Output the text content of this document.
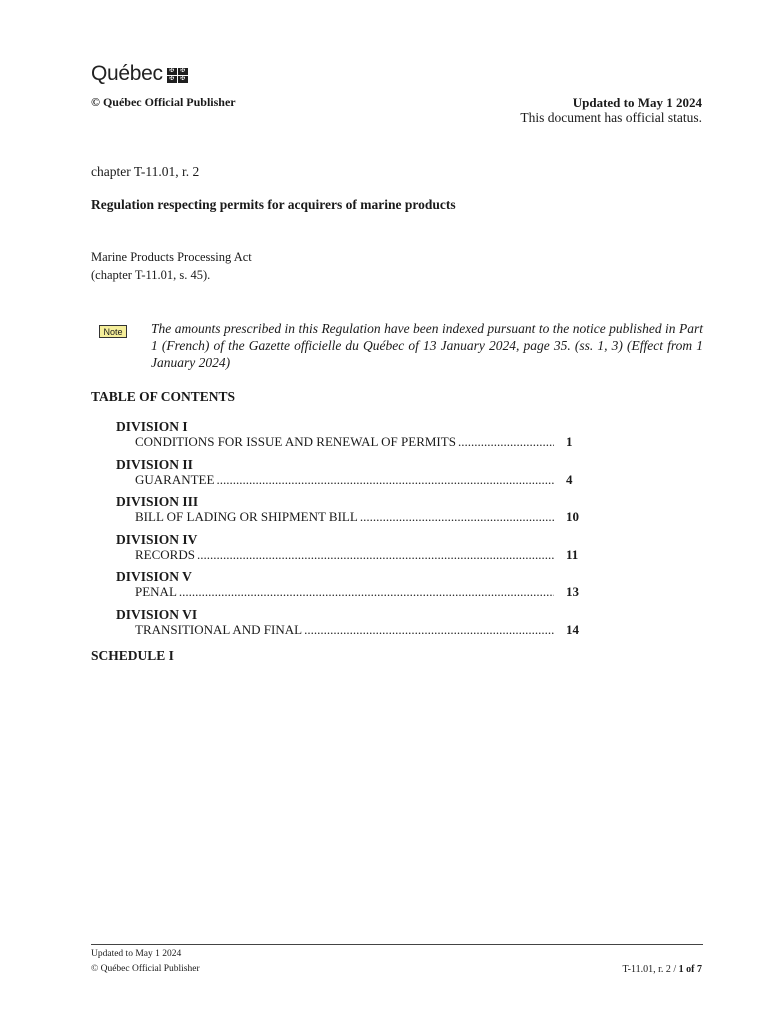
Québec	✠ ✠
✠ ✠
© Québec Official Publisher	Updated to May 1 2024
This document has official status.
chapter T-11.01, r. 2
Regulation respecting permits for acquirers of marine products
Marine Products Processing Act
(chapter T-11.01, s. 45).
Note	The amounts prescribed in this Regulation have been indexed pursuant to the notice published in Part 1 (French) of the Gazette officielle du Québec of 13 January 2024, page 35. (ss. 1, 3) (Effect from 1 January 2024)
TABLE OF CONTENTS
DIVISION I
CONDITIONS FOR ISSUE AND RENEWAL OF PERMITS .....	1
DIVISION II
GUARANTEE .....	4
DIVISION III
BILL OF LADING OR SHIPMENT BILL .....	10
DIVISION IV
RECORDS .....	11
DIVISION V
PENAL .....	13
DIVISION VI
TRANSITIONAL AND FINAL .....	14
SCHEDULE I
Updated to May 1 2024
© Québec Official Publisher	T-11.01, r. 2 / 1 of 7
